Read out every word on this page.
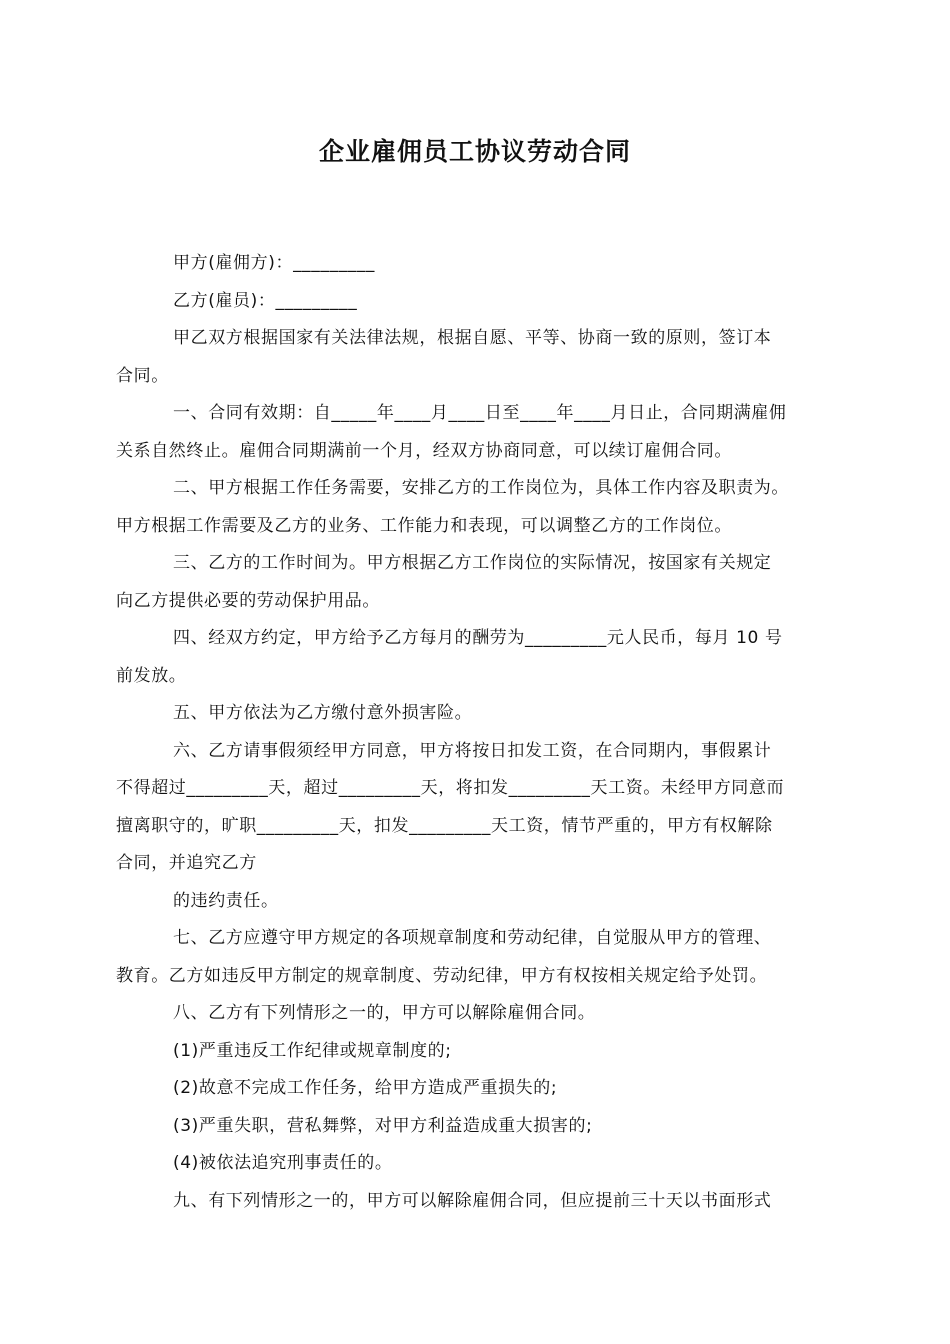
企业雇佣员工协议劳动合同
甲方(雇佣方)：_________
乙方(雇员)：_________
甲乙双方根据国家有关法律法规，根据自愿、平等、协商一致的原则，签订本
合同。
一、合同有效期：自_____年____月____日至____年____月日止，合同期满雇佣
关系自然终止。雇佣合同期满前一个月，经双方协商同意，可以续订雇佣合同。
二、甲方根据工作任务需要，安排乙方的工作岗位为，具体工作内容及职责为。
甲方根据工作需要及乙方的业务、工作能力和表现，可以调整乙方的工作岗位。
三、乙方的工作时间为。甲方根据乙方工作岗位的实际情况，按国家有关规定
向乙方提供必要的劳动保护用品。
四、经双方约定，甲方给予乙方每月的酬劳为_________元人民币，每月 10 号
前发放。
五、甲方依法为乙方缴付意外损害险。
六、乙方请事假须经甲方同意，甲方将按日扣发工资，在合同期内，事假累计
不得超过_________天，超过_________天，将扣发_________天工资。未经甲方同意而
擅离职守的，旷职_________天，扣发_________天工资，情节严重的，甲方有权解除
合同，并追究乙方
的违约责任。
七、乙方应遵守甲方规定的各项规章制度和劳动纪律，自觉服从甲方的管理、
教育。乙方如违反甲方制定的规章制度、劳动纪律，甲方有权按相关规定给予处罚。
八、乙方有下列情形之一的，甲方可以解除雇佣合同。
(1)严重违反工作纪律或规章制度的;
(2)故意不完成工作任务，给甲方造成严重损失的;
(3)严重失职，营私舞弊，对甲方利益造成重大损害的;
(4)被依法追究刑事责任的。
九、有下列情形之一的，甲方可以解除雇佣合同，但应提前三十天以书面形式
